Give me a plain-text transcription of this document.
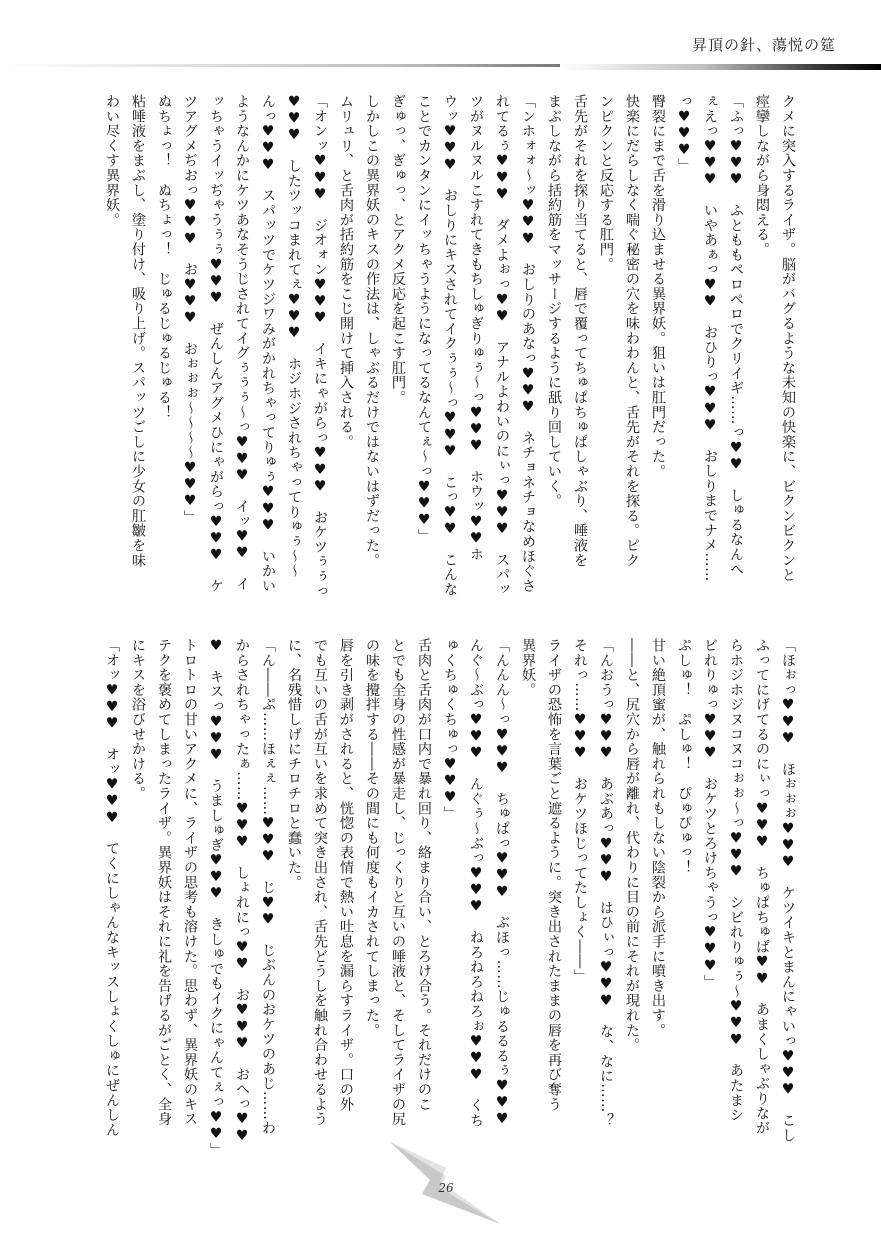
昇頂の針、蕩悦の筵

クメに突入するライザ。脳がバグるような未知の快楽に、ビクンビクンと

痙攣しながら身悶える。

「ふっ♥♥♥　ふとももペロペロでクリイギ……っ♥♥　しゅるなんへ

ぇえっ♥♥♥　いやあぁっ♥♥　おひりっ♥♥♥　おしりまでナメ……

っ♥♥♥」

臀裂にまで舌を滑り込ませる異界妖。狙いは肛門だった。

快楽にだらしなく喘ぐ秘密の穴を味わわんと、舌先がそれを探る。ピク

ンピクンと反応する肛門。

舌先がそれを探り当てると、唇で覆ってちゅぱちゅぱしゃぶり、唾液を

まぶしながら括約筋をマッサージするように舐り回していく。

「ンホォォ～ッ♥♥♥　おしりのあなっ♥♥♥　ネチョネチョなめほぐさ

れてるぅ♥♥♥　ダメよぉっ♥♥　アナルよわいのにぃっ♥♥♥　スパッ

ツがヌルヌルこすれてきもちしゅぎりゅぅ～っ♥♥♥　ホウッ♥♥ホ

ウッ♥♥♥　おしりにキスされてイクぅぅ～っ♥♥♥　こっ♥♥　こんな

ことでカンタンにイッちゃうようになってるなんてぇ～っ♥♥♥」

ぎゅっ、ぎゅっ、とアクメ反応を起こす肛門。

しかしこの異界妖のキスの作法は、しゃぶるだけではないはずだった。

ムリュリ、と舌肉が括約筋をこじ開けて挿入される。

「オンッ♥♥♥　ジオォン♥♥♥　イキにゃがらっ♥♥♥　おケツぅぅっ

♥♥♥　したツッコまれてぇ♥♥♥　ホジホジされちゃってりゅぅ～～

んっ♥♥♥　スパッツでケツジワみがかれちゃってりゅぅ♥♥♥　いかい

ようなんかにケツあなそうじされてイグぅぅぅ～っ♥♥♥　イッ♥♥　イ

ッちゃうイッぢゃうぅぅ♥♥♥　ぜんしんアグメひにゃがらっ♥♥♥　ケ

ツアグメぢおっ♥♥♥　お♥♥♥　おぉぉぉ～～～～♥♥♥」

ぬちょっ！　ぬちょっ！　じゅるじゅるじゅる！

粘唾液をまぶし、塗り付け、吸り上げ。スパッツごしに少女の肛皺を味

わい尽くす異界妖。

「ほぉっ♥♥♥　ほぉぉぉ♥♥♥　ケツイキとまんにゃいっ♥♥♥　こし

ふってにげてるのにぃっ♥♥♥　ちゅぱちゅぱ♥♥　あまくしゃぶりなが

らホジホジヌコヌコぉぉ～っ♥♥♥　シビれりゅぅ～♥♥♥　あたまシ

ビれりゅっ♥♥♥　おケツとろけちゃうっ♥♥♥」

ぷしゅ！　ぷしゅ！　ぴゅぴゅっ！

甘い絶頂蜜が、触れられもしない陰裂から派手に噴き出す。

――と、尻穴から唇が離れ、代わりに目の前にそれが現れた。

「んおうっ♥♥♥　あぶあっ♥♥♥　はひぃっ♥♥♥　な、なに……？

それっ……♥♥♥　おケツほじってたしょく――」

ライザの恐怖を言葉ごと遮るように。突き出されたままの唇を再び奪う

異界妖。

「んんん～っ♥♥♥　ちゅぱっ♥♥♥　ぶほっ……じゅるるるぅ♥♥♥

んぐ～ぶっ♥♥♥　んぐぅ～ぶっ♥♥♥　ねろねろねろぉ♥♥♥　くち

ゅくちゅくちゅっ♥♥♥」

舌肉と舌肉が口内で暴れ回り、絡まり合い、とろけ合う。それだけのこ

とでも全身の性感が暴走し、じっくりと互いの唾液と、そしてライザの尻

の味を攪拌する――その間にも何度もイカされてしまった。

唇を引き剥がされると、恍惚の表情で熱い吐息を漏らすライザ。口の外

でも互いの舌が互いを求めて突き出され、舌先どうしを触れ合わせるよう

に、名残惜しげにチロチロと蠢いた。

「ん――ぷ……ほぇぇ……♥♥♥　じ♥♥　じぶんのおケツのあじ……わ

からされちゃったぁ……♥♥♥　しょれにっ♥♥　お♥♥♥　おへっ♥♥

♥　キスっ♥♥♥　うましゅぎ♥♥♥　きしゅでもイクにゃんてぇっ♥♥」

トロトロの甘いアクメに、ライザの思考も溶けた。思わず、異界妖のキス

テクを褒めてしまったライザ。異界妖はそれに礼を告げるがごとく、全身

にキスを浴びせかける。

「オッ♥♥♥　オッ♥♥♥　てくにしゃんなキッスしょくしゅにぜんしん

26
